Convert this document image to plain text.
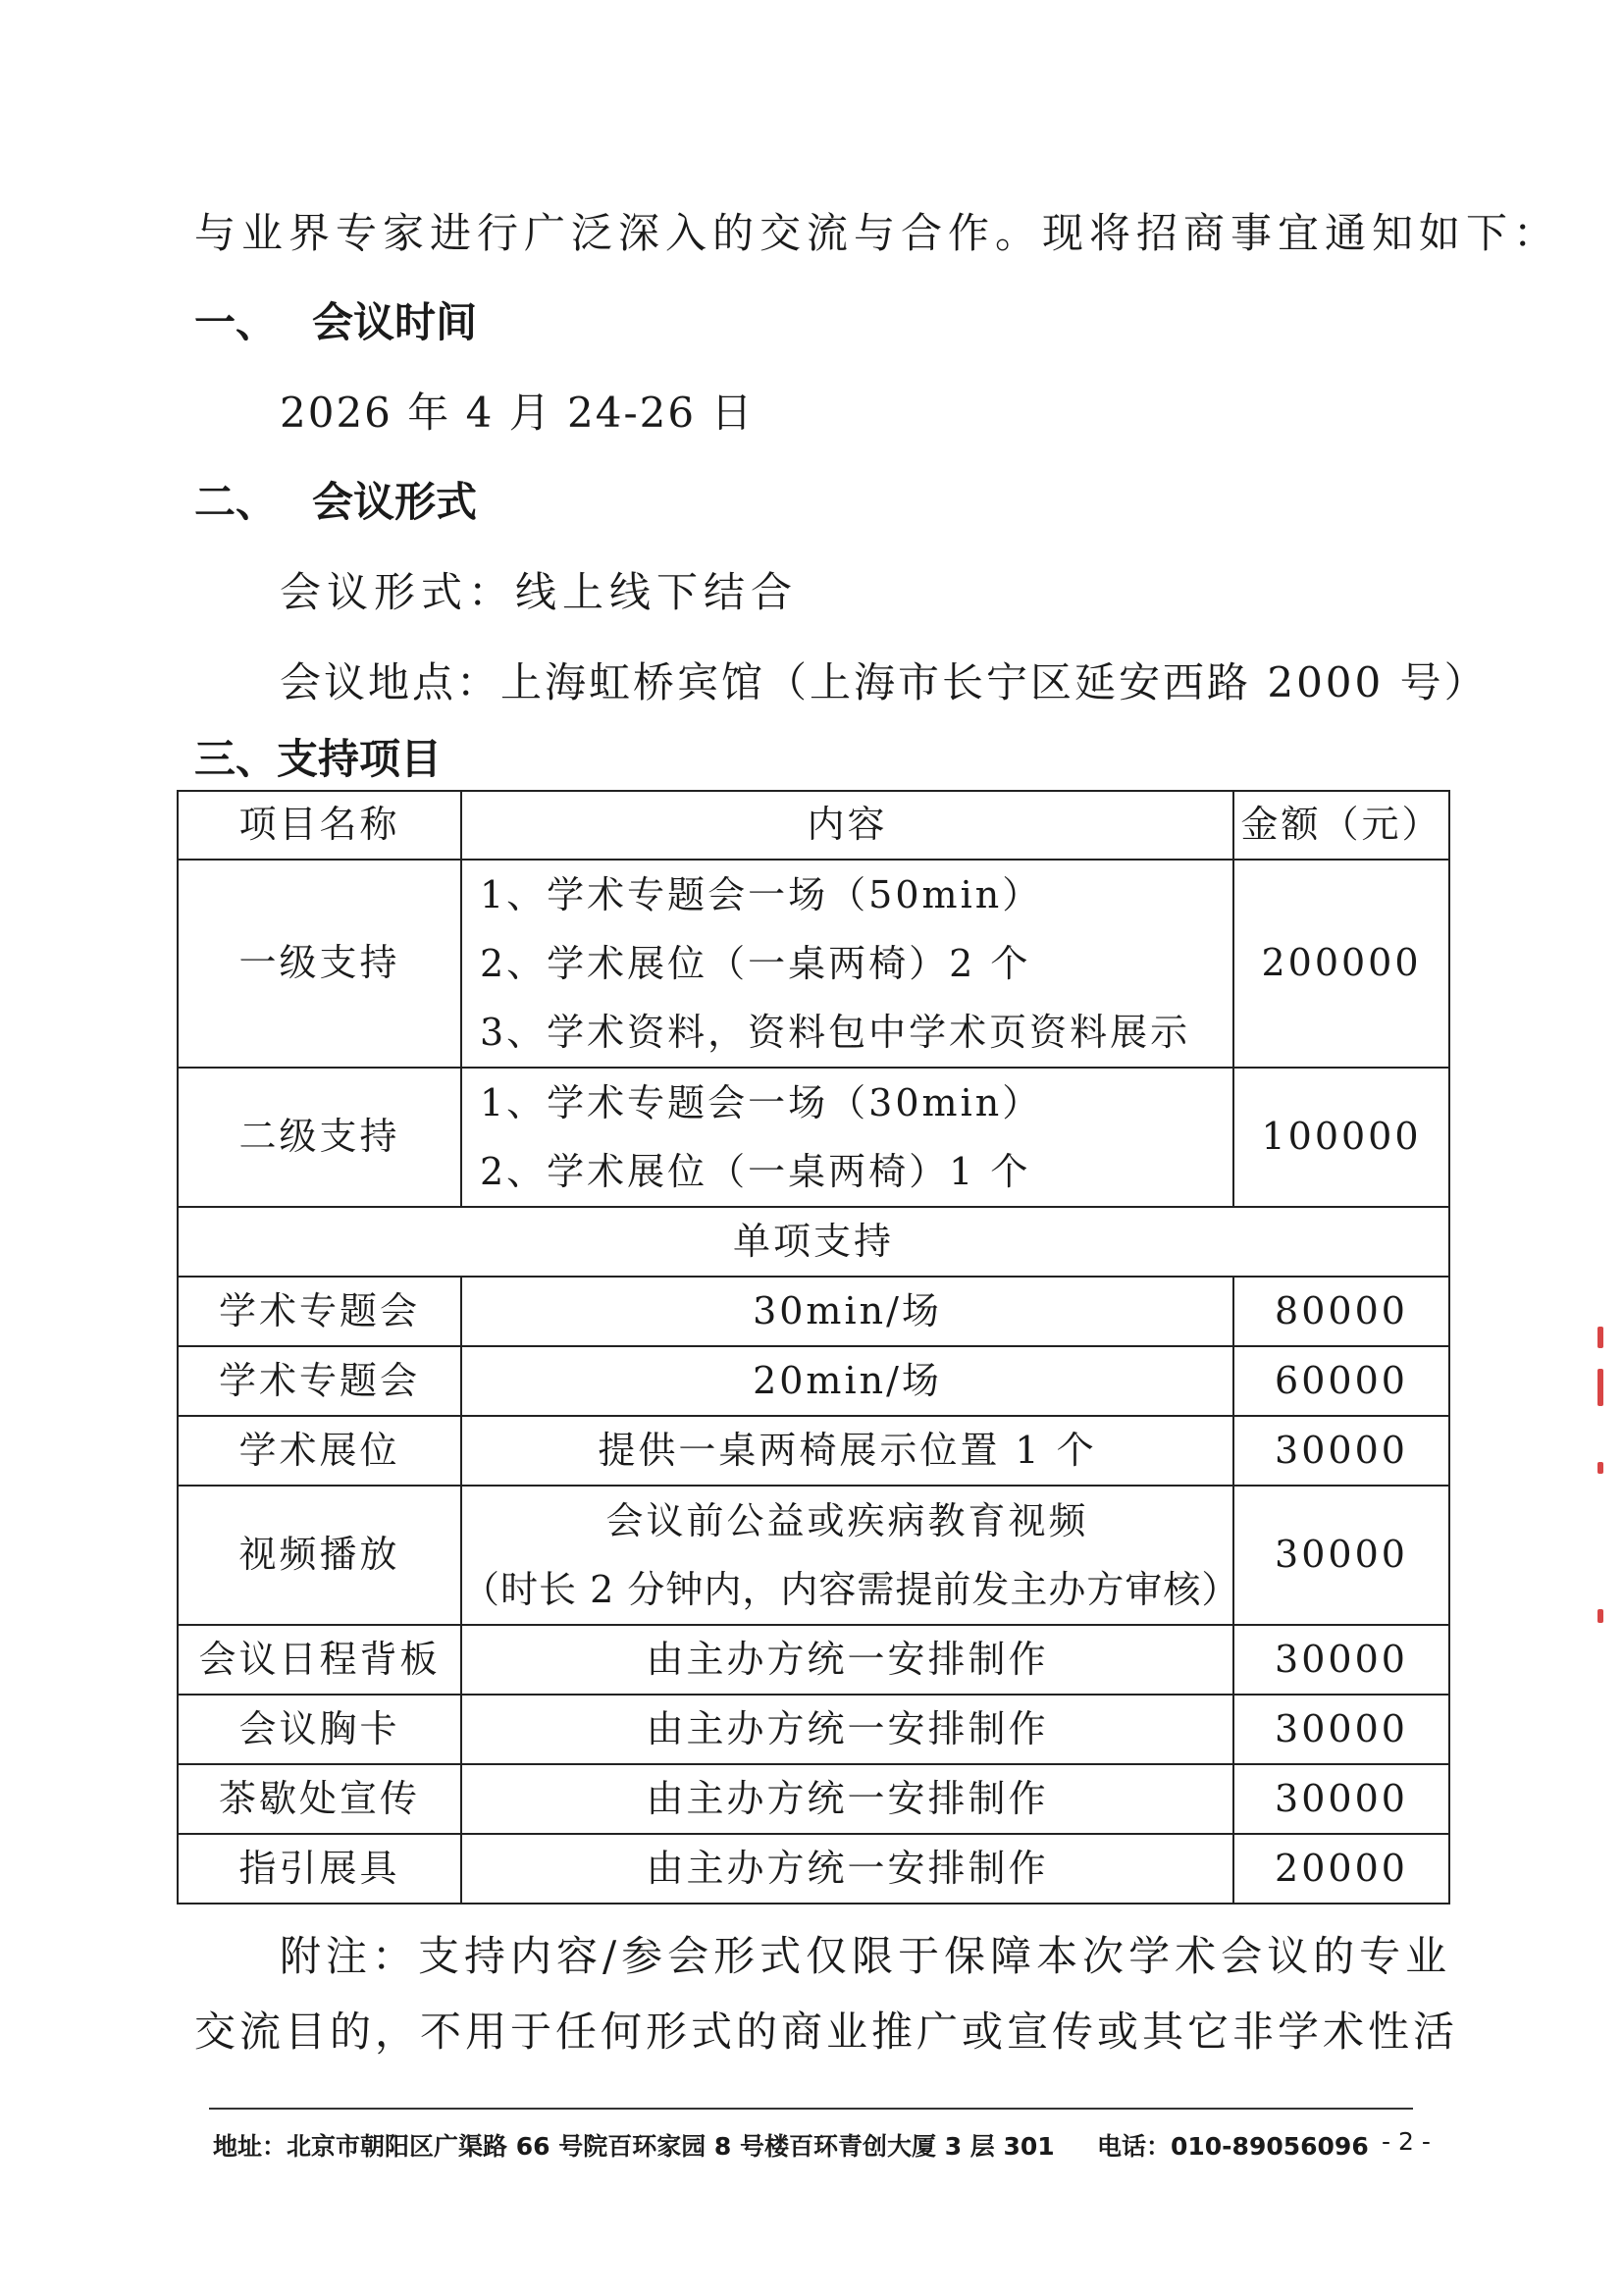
与业界专家进行广泛深入的交流与合作。现将招商事宜通知如下：
一、 会议时间
2026 年 4 月 24-26 日
二、 会议形式
会议形式：线上线下结合
会议地点：上海虹桥宾馆（上海市长宁区延安西路 2000 号）
三、支持项目
项目名称	内容	金额（元）
一级支持	1、学术专题会一场（50min）
2、学术展位（一桌两椅）2 个
3、学术资料，资料包中学术页资料展示	200000
二级支持	1、学术专题会一场（30min）
2、学术展位（一桌两椅）1 个	100000
单项支持		
学术专题会	30min/场	80000
学术专题会	20min/场	60000
学术展位	提供一桌两椅展示位置 1 个	30000
视频播放	会议前公益或疾病教育视频
（时长 2 分钟内，内容需提前发主办方审核）	30000
会议日程背板	由主办方统一安排制作	30000
会议胸卡	由主办方统一安排制作	30000
茶歇处宣传	由主办方统一安排制作	30000
指引展具	由主办方统一安排制作	20000
附注：支持内容/参会形式仅限于保障本次学术会议的专业
交流目的，不用于任何形式的商业推广或宣传或其它非学术性活
地址：北京市朝阳区广渠路 66 号院百环家园 8 号楼百环青创大厦 3 层 301 电话：010-89056096 - 2 -
